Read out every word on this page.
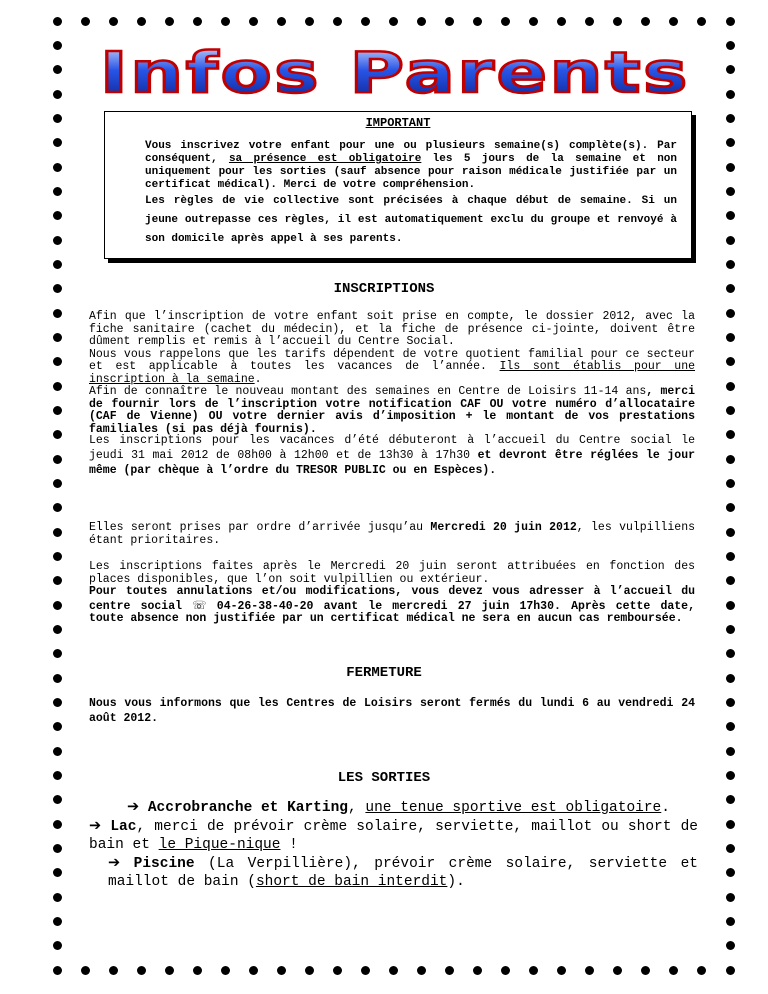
Infos Parents
IMPORTANT

Vous inscrivez votre enfant pour une ou plusieurs semaine(s) complète(s). Par conséquent, sa présence est obligatoire les 5 jours de la semaine et non uniquement pour les sorties (sauf absence pour raison médicale justifiée par un certificat médical). Merci de votre compréhension.

Les règles de vie collective sont précisées à chaque début de semaine. Si un jeune outrepasse ces règles, il est automatiquement exclu du groupe et renvoyé à son domicile après appel à ses parents.

INSCRIPTIONS

Afin que l’inscription de votre enfant soit prise en compte, le dossier 2012, avec la fiche sanitaire (cachet du médecin), et la fiche de présence ci-jointe, doivent être dûment remplis et remis à l’accueil du Centre Social.

Nous vous rappelons que les tarifs dépendent de votre quotient familial pour ce secteur et est applicable à toutes les vacances de l’année. Ils sont établis pour une inscription à la semaine.

Afin de connaître le nouveau montant des semaines en Centre de Loisirs 11-14 ans, merci de fournir lors de l’inscription votre notification CAF OU votre numéro d’allocataire (CAF de Vienne) OU votre dernier avis d’imposition + le montant de vos prestations familiales (si pas déjà fournis).

Les inscriptions pour les vacances d’été débuteront à l’accueil du Centre social le jeudi 31 mai 2012 de 08h00 à 12h00 et de 13h30 à 17h30 et devront être réglées le jour même (par chèque à l’ordre du TRESOR PUBLIC ou en Espèces).

Elles seront prises par ordre d’arrivée jusqu’au Mercredi 20 juin 2012, les vulpilliens étant prioritaires.

Les inscriptions faites après le Mercredi 20 juin seront attribuées en fonction des places disponibles, que l’on soit vulpillien ou extérieur.

Pour toutes annulations et/ou modifications, vous devez vous adresser à l’accueil du centre social ☏ 04-26-38-40-20 avant le mercredi 27 juin 17h30. Après cette date, toute absence non justifiée par un certificat médical ne sera en aucun cas remboursée.

FERMETURE

Nous vous informons que les Centres de Loisirs seront fermés du lundi 6 au vendredi 24 août 2012.

LES SORTIES

➔ Accrobranche et Karting, une tenue sportive est obligatoire.

➔ Lac, merci de prévoir crème solaire, serviette, maillot ou short de bain et le Pique-nique !

➔ Piscine (La Verpillière), prévoir crème solaire, serviette et maillot de bain (short de bain interdit).
